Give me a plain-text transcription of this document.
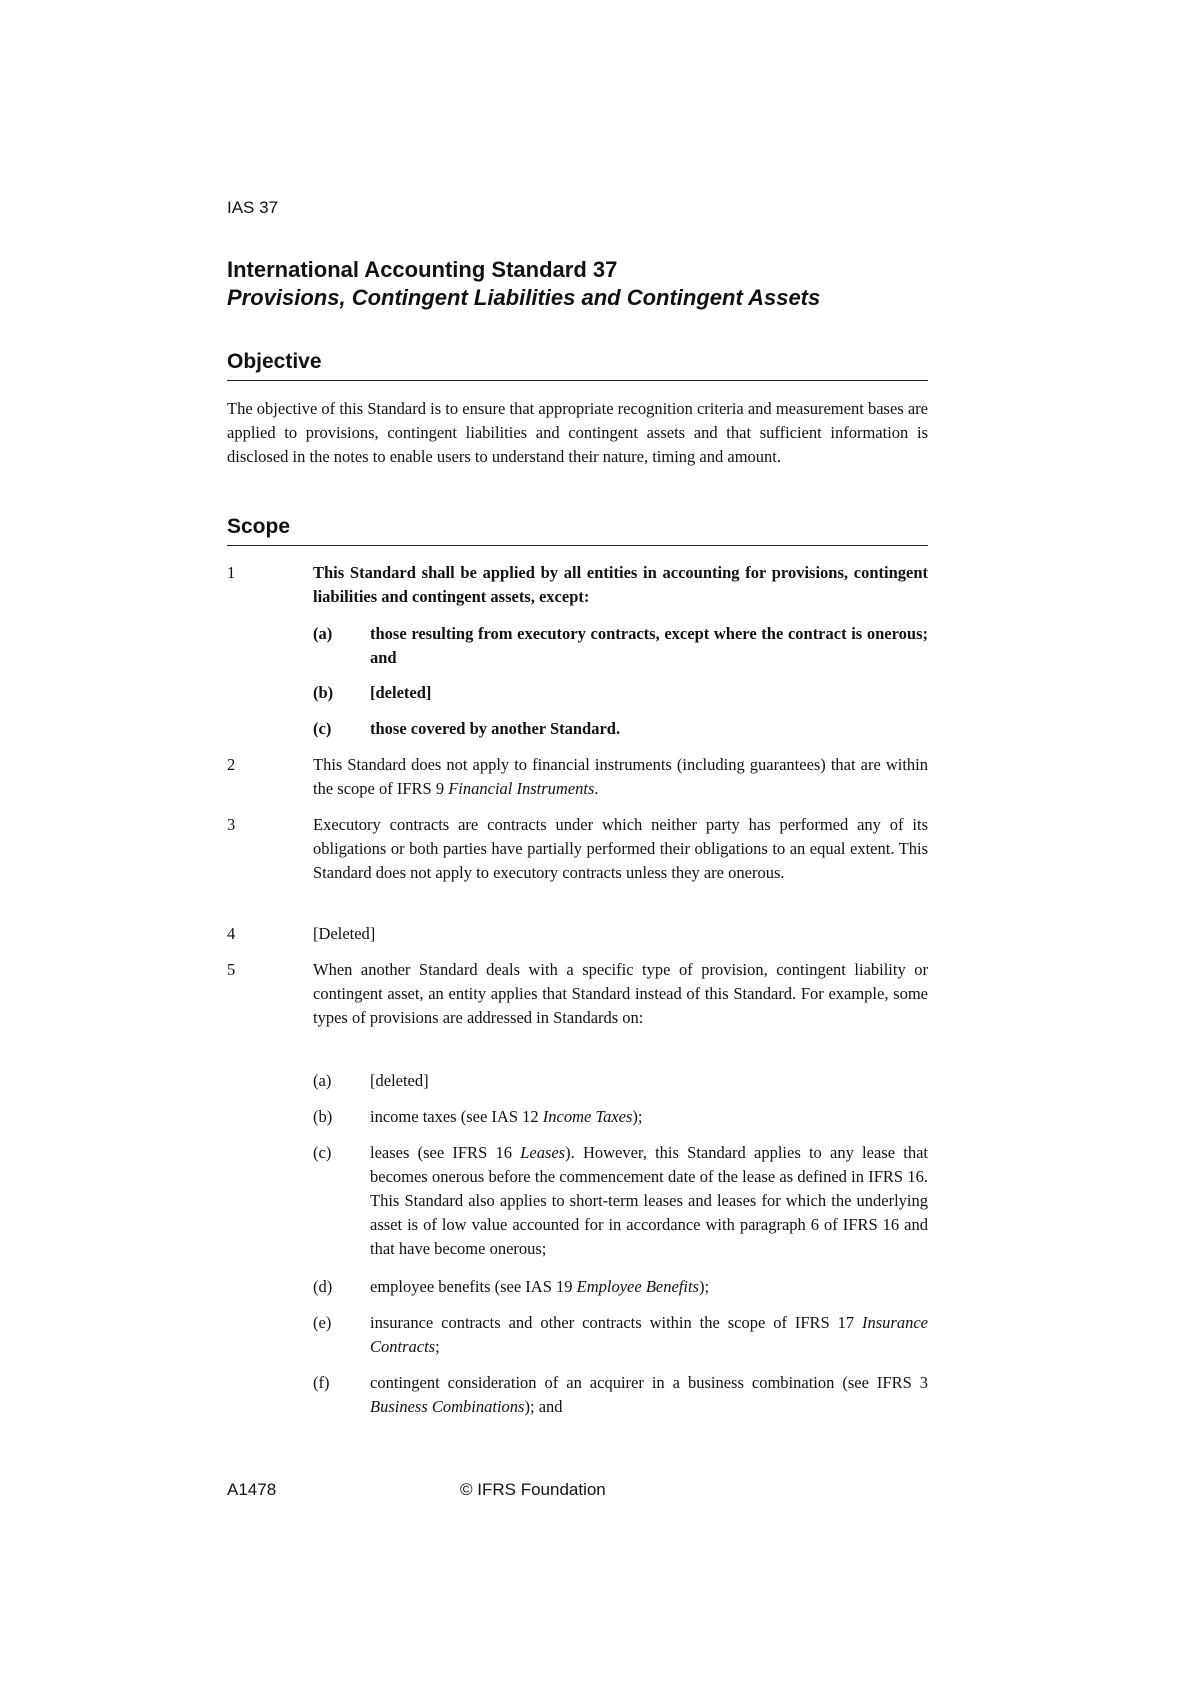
IAS 37
International Accounting Standard 37
Provisions, Contingent Liabilities and Contingent Assets
Objective
The objective of this Standard is to ensure that appropriate recognition criteria and measurement bases are applied to provisions, contingent liabilities and contingent assets and that sufficient information is disclosed in the notes to enable users to understand their nature, timing and amount.
Scope
1	This Standard shall be applied by all entities in accounting for provisions, contingent liabilities and contingent assets, except:
(a) those resulting from executory contracts, except where the contract is onerous; and
(b) [deleted]
(c) those covered by another Standard.
2	This Standard does not apply to financial instruments (including guarantees) that are within the scope of IFRS 9 Financial Instruments.
3	Executory contracts are contracts under which neither party has performed any of its obligations or both parties have partially performed their obligations to an equal extent. This Standard does not apply to executory contracts unless they are onerous.
4	[Deleted]
5	When another Standard deals with a specific type of provision, contingent liability or contingent asset, an entity applies that Standard instead of this Standard. For example, some types of provisions are addressed in Standards on:
(a) [deleted]
(b) income taxes (see IAS 12 Income Taxes);
(c) leases (see IFRS 16 Leases). However, this Standard applies to any lease that becomes onerous before the commencement date of the lease as defined in IFRS 16. This Standard also applies to short-term leases and leases for which the underlying asset is of low value accounted for in accordance with paragraph 6 of IFRS 16 and that have become onerous;
(d) employee benefits (see IAS 19 Employee Benefits);
(e) insurance contracts and other contracts within the scope of IFRS 17 Insurance Contracts;
(f) contingent consideration of an acquirer in a business combination (see IFRS 3 Business Combinations); and
A1478	© IFRS Foundation
